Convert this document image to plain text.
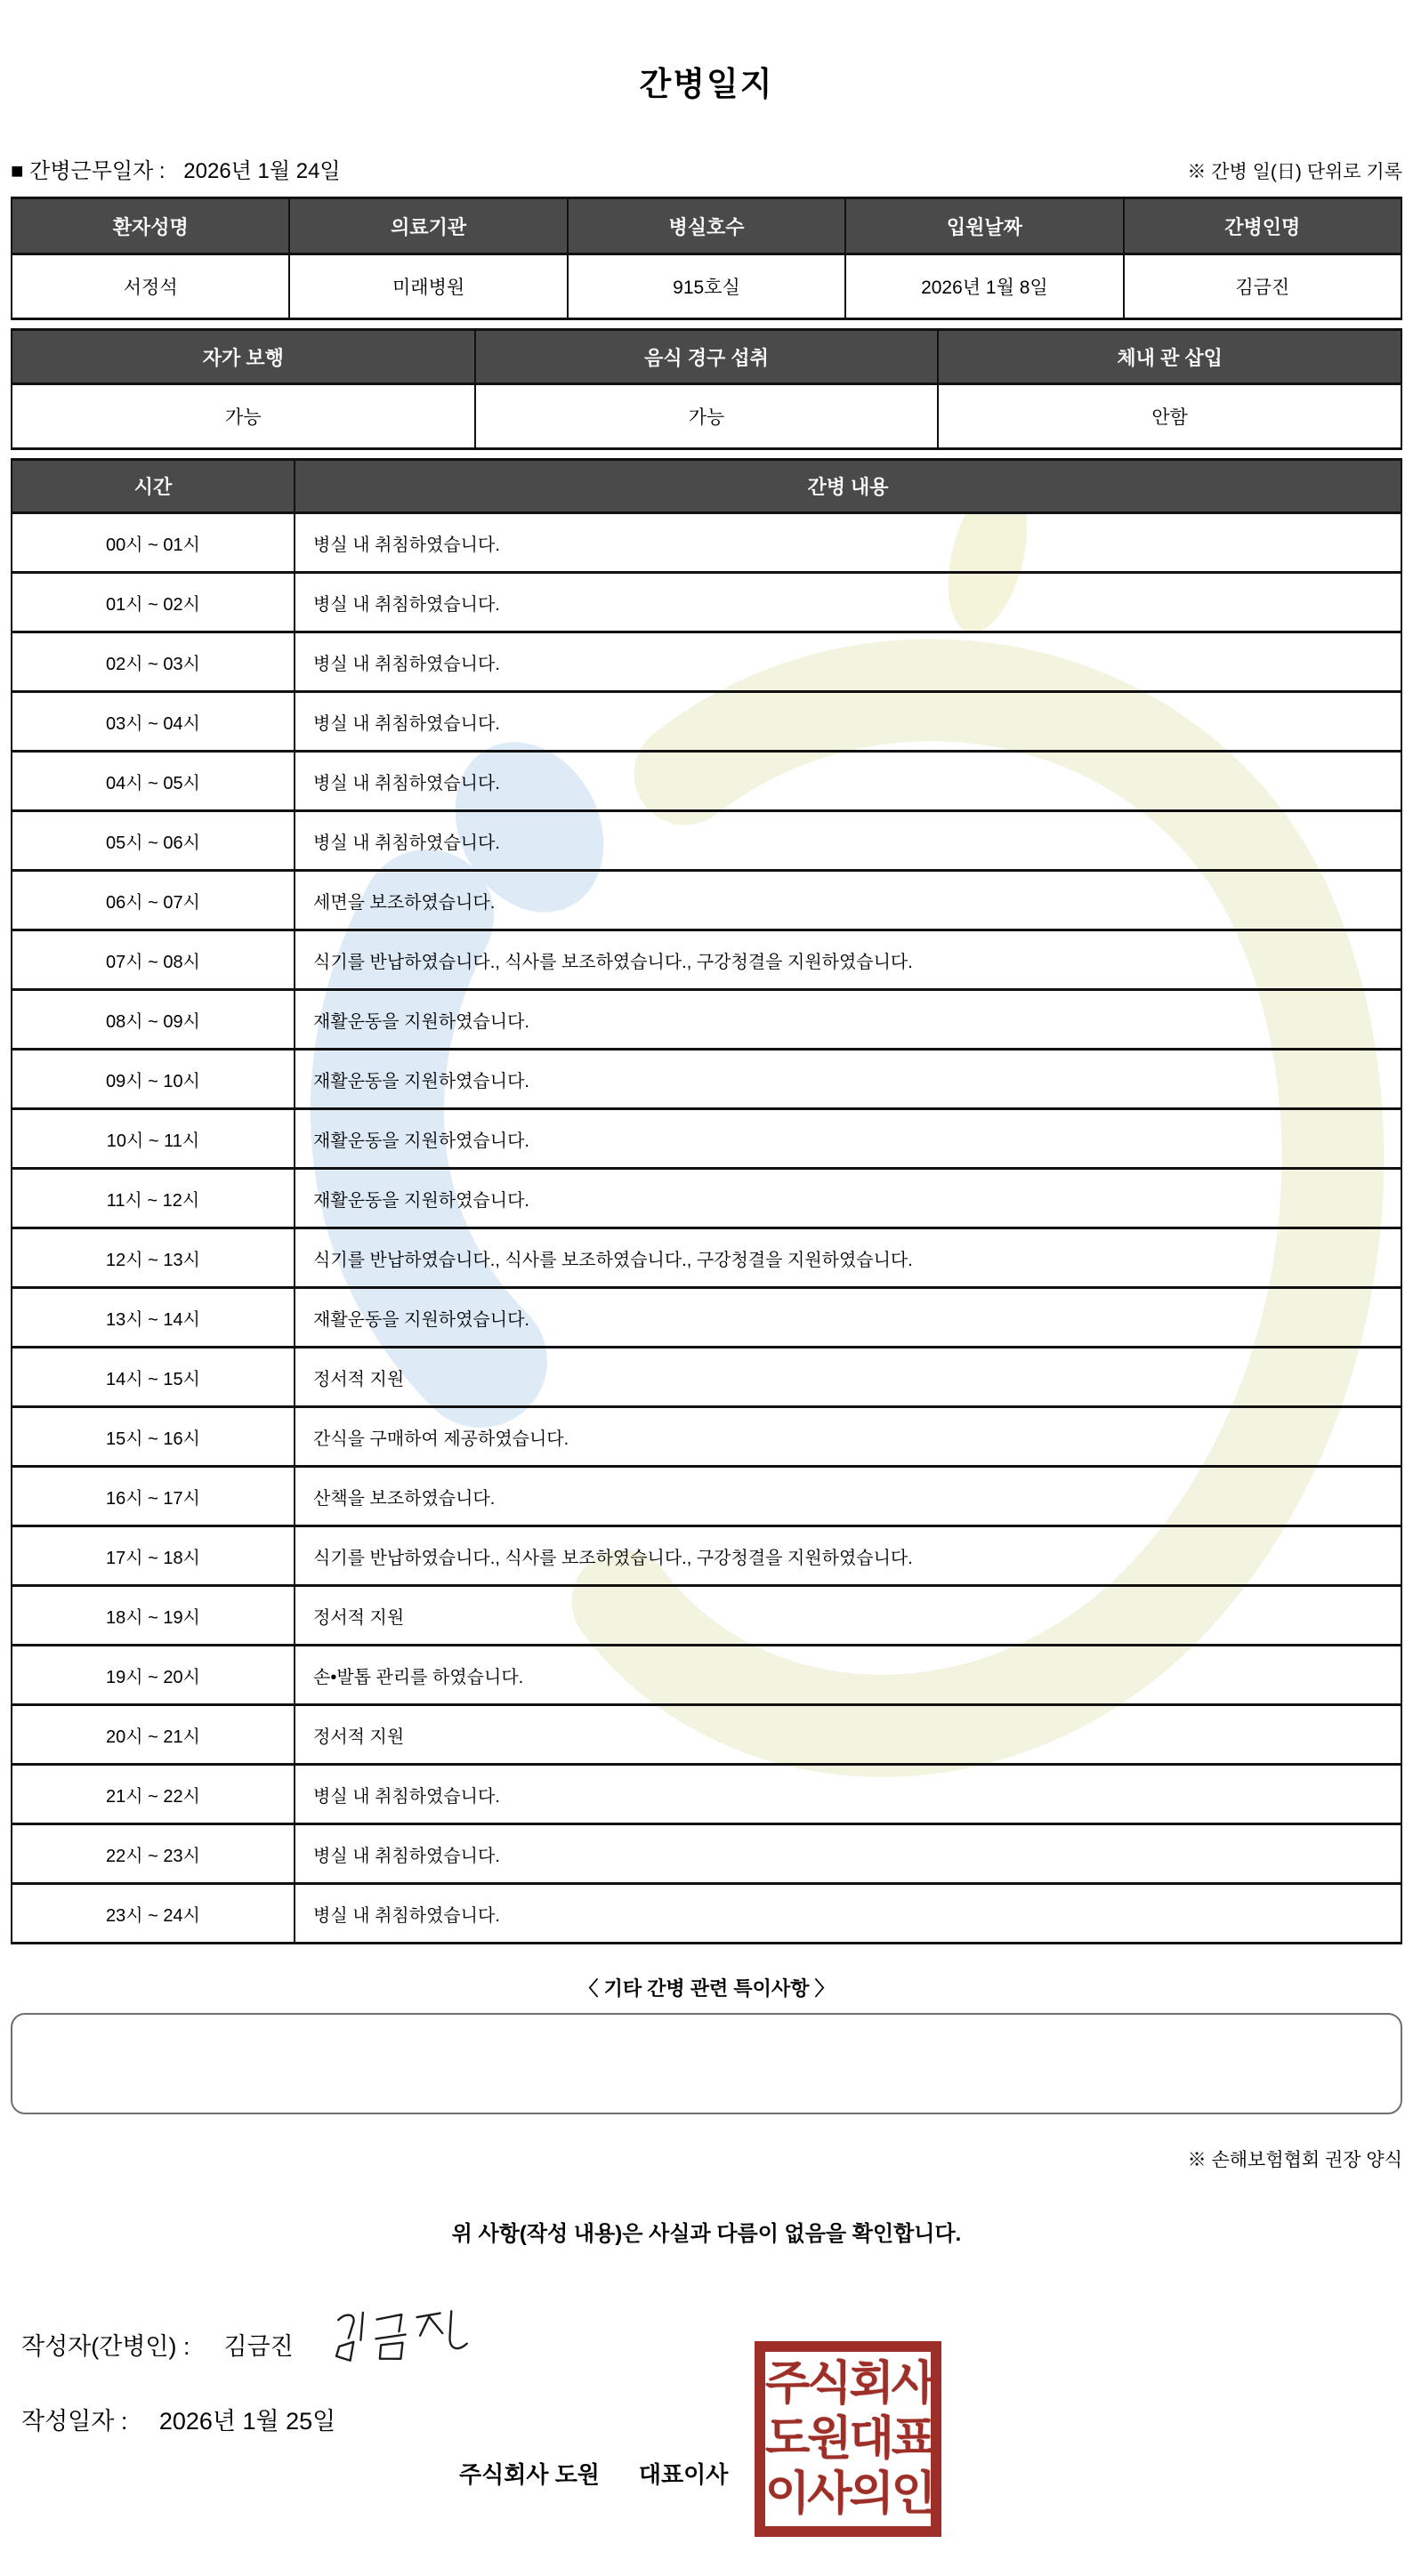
간병일지
■ 간병근무일자 : 2026년 1월 24일	※ 간병 일(日) 단위로 기록
환자성명	의료기관	병실호수	입원날짜	간병인명
서정석	미래병원	915호실	2026년 1월 8일	김금진
자가 보행	음식 경구 섭취	체내 관 삽입
가능	가능	안함
시간	간병 내용
00시 ~ 01시	병실 내 취침하였습니다.
01시 ~ 02시	병실 내 취침하였습니다.
02시 ~ 03시	병실 내 취침하였습니다.
03시 ~ 04시	병실 내 취침하였습니다.
04시 ~ 05시	병실 내 취침하였습니다.
05시 ~ 06시	병실 내 취침하였습니다.
06시 ~ 07시	세면을 보조하였습니다.
07시 ~ 08시	식기를 반납하였습니다., 식사를 보조하였습니다., 구강청결을 지원하였습니다.
08시 ~ 09시	재활운동을 지원하였습니다.
09시 ~ 10시	재활운동을 지원하였습니다.
10시 ~ 11시	재활운동을 지원하였습니다.
11시 ~ 12시	재활운동을 지원하였습니다.
12시 ~ 13시	식기를 반납하였습니다., 식사를 보조하였습니다., 구강청결을 지원하였습니다.
13시 ~ 14시	재활운동을 지원하였습니다.
14시 ~ 15시	정서적 지원
15시 ~ 16시	간식을 구매하여 제공하였습니다.
16시 ~ 17시	산책을 보조하였습니다.
17시 ~ 18시	식기를 반납하였습니다., 식사를 보조하였습니다., 구강청결을 지원하였습니다.
18시 ~ 19시	정서적 지원
19시 ~ 20시	손•발톱 관리를 하였습니다.
20시 ~ 21시	정서적 지원
21시 ~ 22시	병실 내 취침하였습니다.
22시 ~ 23시	병실 내 취침하였습니다.
23시 ~ 24시	병실 내 취침하였습니다.
〈 기타 간병 관련 특이사항 〉
※ 손해보험협회 권장 양식
위 사항(작성 내용)은 사실과 다름이 없음을 확인합니다.
작성자(간병인) : 김금진
작성일자 : 2026년 1월 25일
주식회사 도원 대표이사
주식회사
도원대표
이사의인
